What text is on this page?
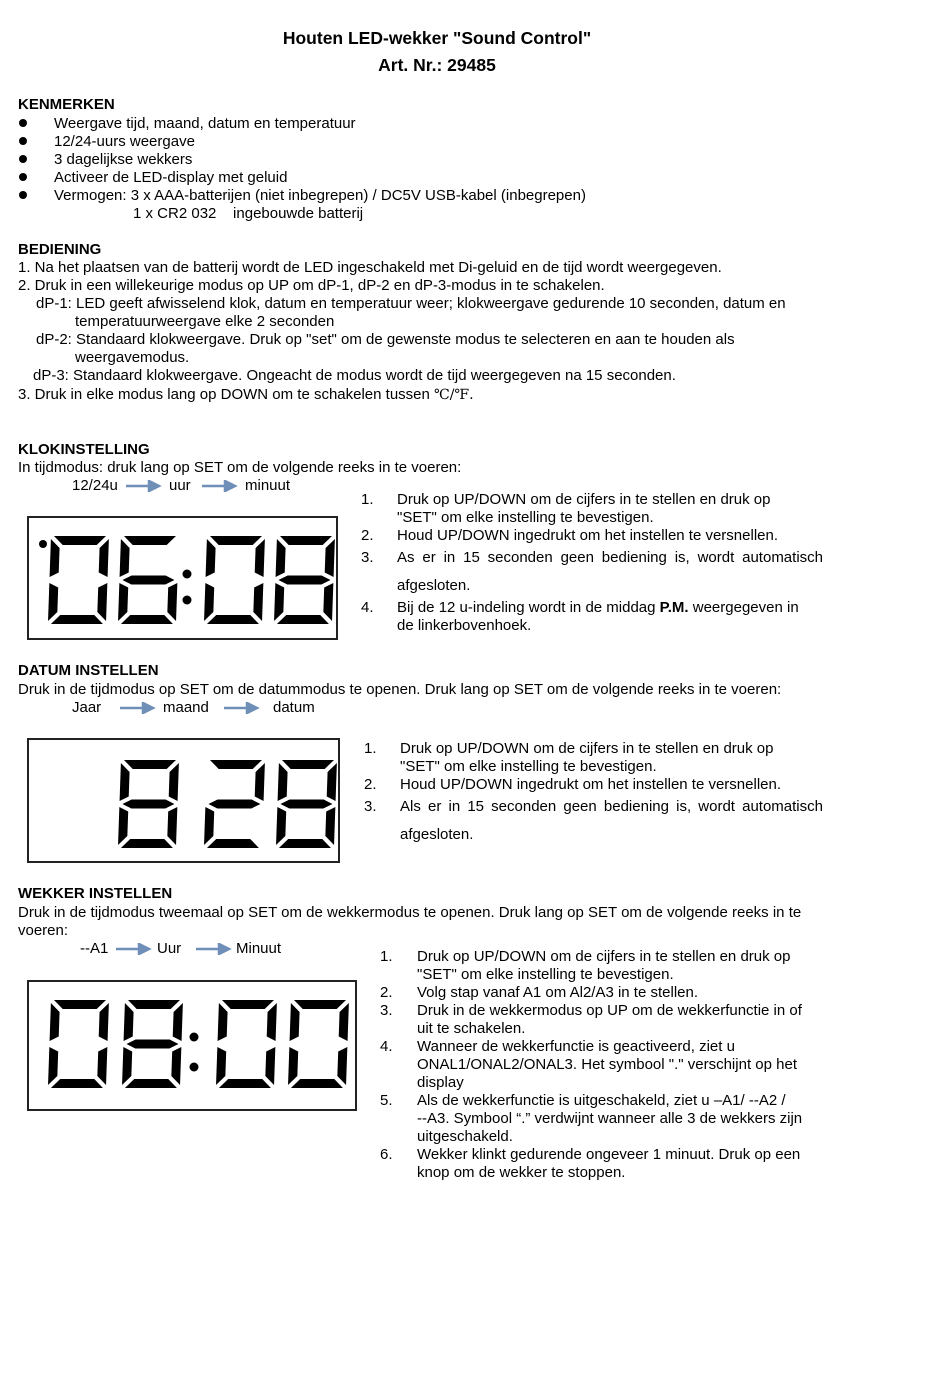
Houten LED-wekker "Sound Control"
Art. Nr.: 29485
KENMERKEN
Weergave tijd, maand, datum en temperatuur
12/24-uurs weergave
3 dagelijkse wekkers
Activeer de LED-display met geluid
Vermogen: 3 x AAA-batterijen (niet inbegrepen) / DC5V USB-kabel (inbegrepen)
1 x CR2 032    ingebouwde batterij
BEDIENING
1. Na het plaatsen van de batterij wordt de LED ingeschakeld met Di-geluid en de tijd wordt weergegeven.
2. Druk in een willekeurige modus op UP om dP-1, dP-2 en dP-3-modus in te schakelen.
dP-1: LED geeft afwisselend klok, datum en temperatuur weer; klokweergave gedurende 10 seconden, datum en
temperatuurweergave elke 2 seconden
dP-2: Standaard klokweergave. Druk op "set" om de gewenste modus te selecteren en aan te houden als
weergavemodus.
dP-3: Standaard klokweergave. Ongeacht de modus wordt de tijd weergegeven na 15 seconden.
3. Druk in elke modus lang op DOWN om te schakelen tussen ℃/℉.
KLOKINSTELLING
In tijdmodus: druk lang op SET om de volgende reeks in te voeren:
12/24u	uur	minuut
1. Druk op UP/DOWN om de cijfers in te stellen en druk op
"SET" om elke instelling te bevestigen.
2. Houd UP/DOWN ingedrukt om het instellen te versnellen.
3. As er in 15 seconden geen bediening is, wordt automatisch
afgesloten.
4. Bij de 12 u-indeling wordt in de middag P.M. weergegeven in
de linkerbovenhoek.
DATUM INSTELLEN
Druk in de tijdmodus op SET om de datummodus te openen. Druk lang op SET om de volgende reeks in te voeren:
Jaar	maand	datum
1. Druk op UP/DOWN om de cijfers in te stellen en druk op
"SET" om elke instelling te bevestigen.
2. Houd UP/DOWN ingedrukt om het instellen te versnellen.
3. Als er in 15 seconden geen bediening is, wordt automatisch
afgesloten.
WEKKER INSTELLEN
Druk in de tijdmodus tweemaal op SET om de wekkermodus te openen. Druk lang op SET om de volgende reeks in te
voeren:
--A1	Uur	Minuut	1. Druk op UP/DOWN om de cijfers in te stellen en druk op
"SET" om elke instelling te bevestigen.
2. Volg stap vanaf A1 om Al2/A3 in te stellen.
3. Druk in de wekkermodus op UP om de wekkerfunctie in of
uit te schakelen.
4. Wanneer de wekkerfunctie is geactiveerd, ziet u
ONAL1/ONAL2/ONAL3. Het symbool "." verschijnt op het
display
5. Als de wekkerfunctie is uitgeschakeld, ziet u –A1/ --A2 /
--A3. Symbool “.” verdwijnt wanneer alle 3 de wekkers zijn
uitgeschakeld.
6. Wekker klinkt gedurende ongeveer 1 minuut. Druk op een
knop om de wekker te stoppen.
